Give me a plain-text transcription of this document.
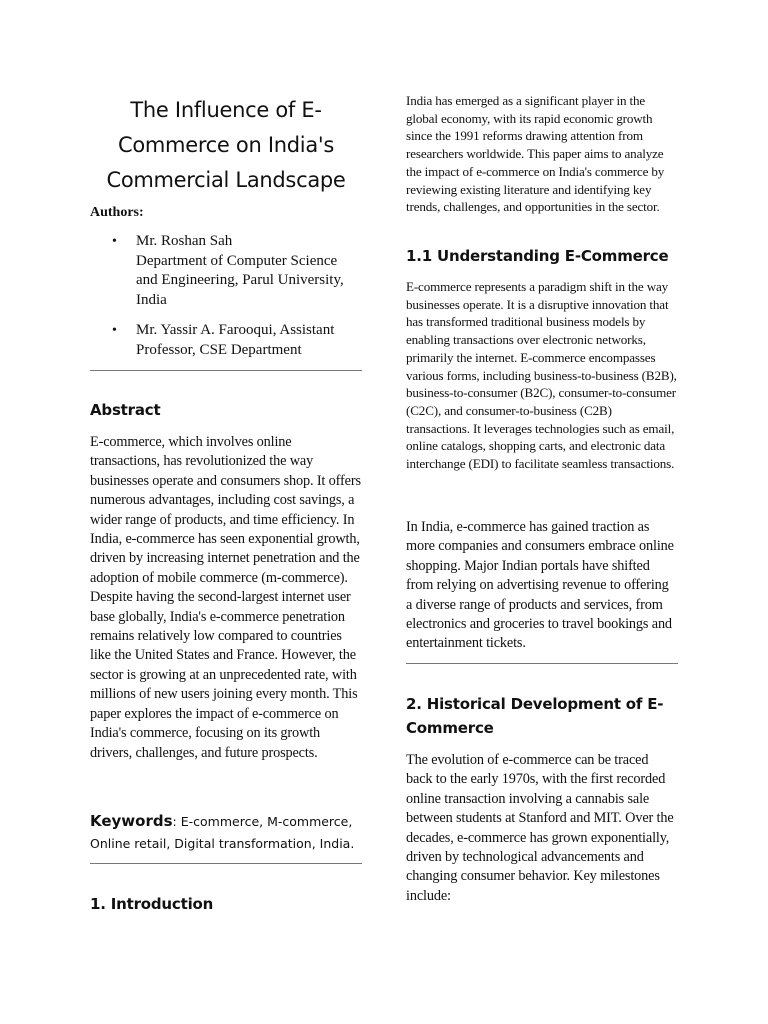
The Influence of E-Commerce on India's Commercial Landscape

Authors:

• Mr. Roshan Sah
Department of Computer Science and Engineering, Parul University, India
• Mr. Yassir A. Farooqui, Assistant Professor, CSE Department
Abstract

E-commerce, which involves online transactions, has revolutionized the way businesses operate and consumers shop. It offers numerous advantages, including cost savings, a wider range of products, and time efficiency. In India, e-commerce has seen exponential growth, driven by increasing internet penetration and the adoption of mobile commerce (m-commerce). Despite having the second-largest internet user base globally, India's e-commerce penetration remains relatively low compared to countries like the United States and France. However, the sector is growing at an unprecedented rate, with millions of new users joining every month. This paper explores the impact of e-commerce on India's commerce, focusing on its growth drivers, challenges, and future prospects.

Keywords: E-commerce, M-commerce, Online retail, Digital transformation, India.

1. Introduction

India has emerged as a significant player in the global economy, with its rapid economic growth since the 1991 reforms drawing attention from researchers worldwide. This paper aims to analyze the impact of e-commerce on India's commerce by reviewing existing literature and identifying key trends, challenges, and opportunities in the sector.

1.1 Understanding E-Commerce

E-commerce represents a paradigm shift in the way businesses operate. It is a disruptive innovation that has transformed traditional business models by enabling transactions over electronic networks, primarily the internet. E-commerce encompasses various forms, including business-to-business (B2B), business-to-consumer (B2C), consumer-to-consumer (C2C), and consumer-to-business (C2B) transactions. It leverages technologies such as email, online catalogs, shopping carts, and electronic data interchange (EDI) to facilitate seamless transactions.

In India, e-commerce has gained traction as more companies and consumers embrace online shopping. Major Indian portals have shifted from relying on advertising revenue to offering a diverse range of products and services, from electronics and groceries to travel bookings and entertainment tickets.

2. Historical Development of E-Commerce

The evolution of e-commerce can be traced back to the early 1970s, with the first recorded online transaction involving a cannabis sale between students at Stanford and MIT. Over the decades, e-commerce has grown exponentially, driven by technological advancements and changing consumer behavior. Key milestones include:
